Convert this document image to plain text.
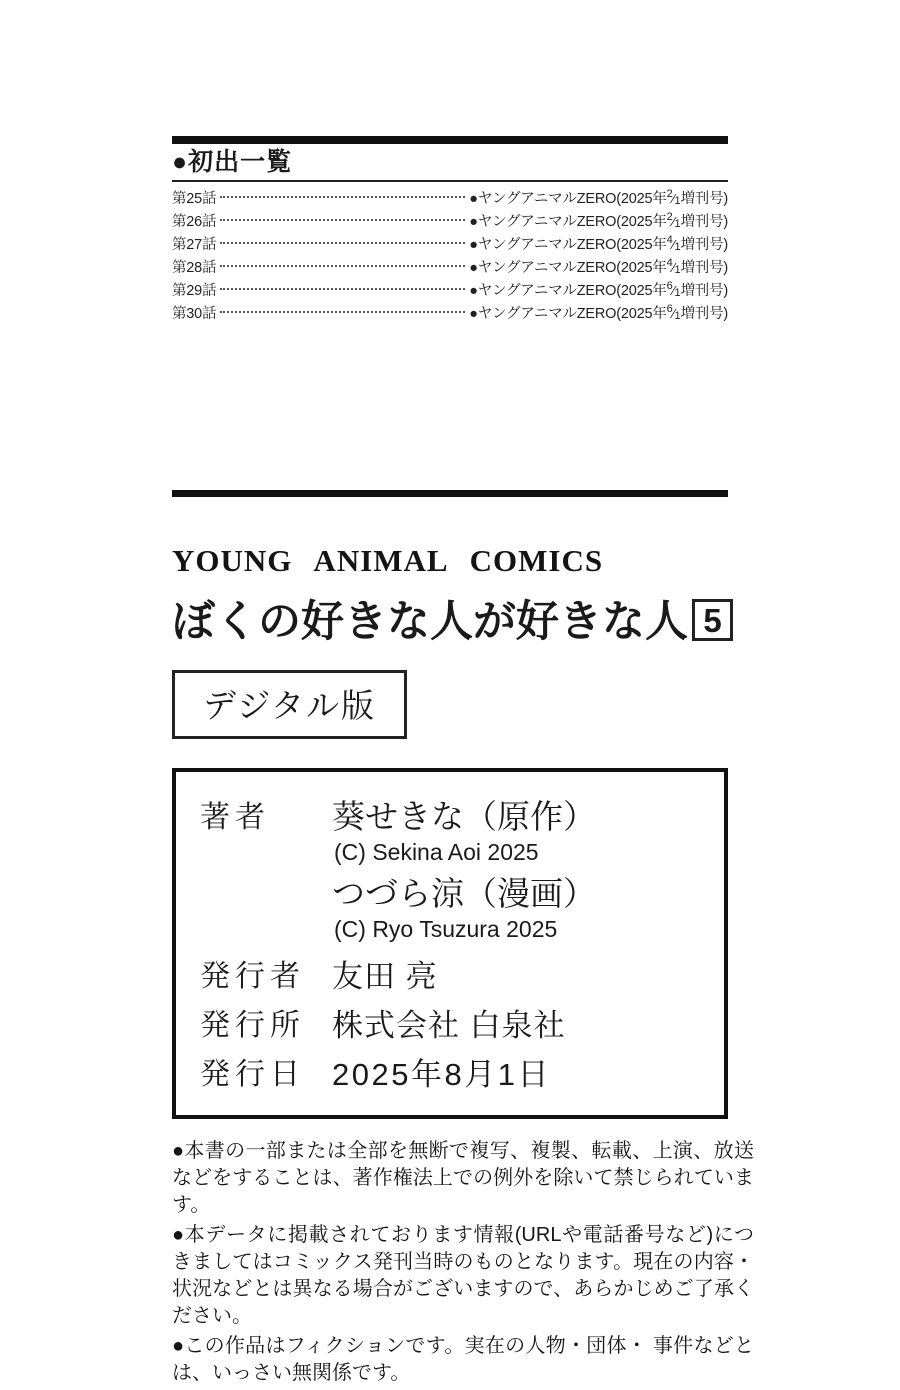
●初出一覧
第25話	●ヤングアニマルZERO(2025年$^2$⁄1増刊号)
第26話	●ヤングアニマルZERO(2025年$^2$⁄1増刊号)
第27話	●ヤングアニマルZERO(2025年$^4$⁄1増刊号)
第28話	●ヤングアニマルZERO(2025年$^4$⁄1増刊号)
第29話	●ヤングアニマルZERO(2025年$^6$⁄1増刊号)
第30話	●ヤングアニマルZERO(2025年$^6$⁄1増刊号)
YOUNG ANIMAL COMICS
ぼくの好きな人が好きな人 5
デジタル版
著者	葵せきな（原作）
(C) Sekina Aoi 2025
つづら涼（漫画）
(C) Ryo Tsuzura 2025
発行者 友田 亮
発行所 株式会社 白泉社
発行日 2025年8月1日

●本書の一部または全部を無断で複写、複製、転載、上演、放送などをすることは、著作権法上での例外を除いて禁じられています。

●本データに掲載されております情報(URLや電話番号など)につきましてはコミックス発刊当時のものとなります。現在の内容・状況などとは異なる場合がございますので、あらかじめご了承ください。

●この作品はフィクションです。実在の人物・団体・ 事件などとは、いっさい無関係です。
